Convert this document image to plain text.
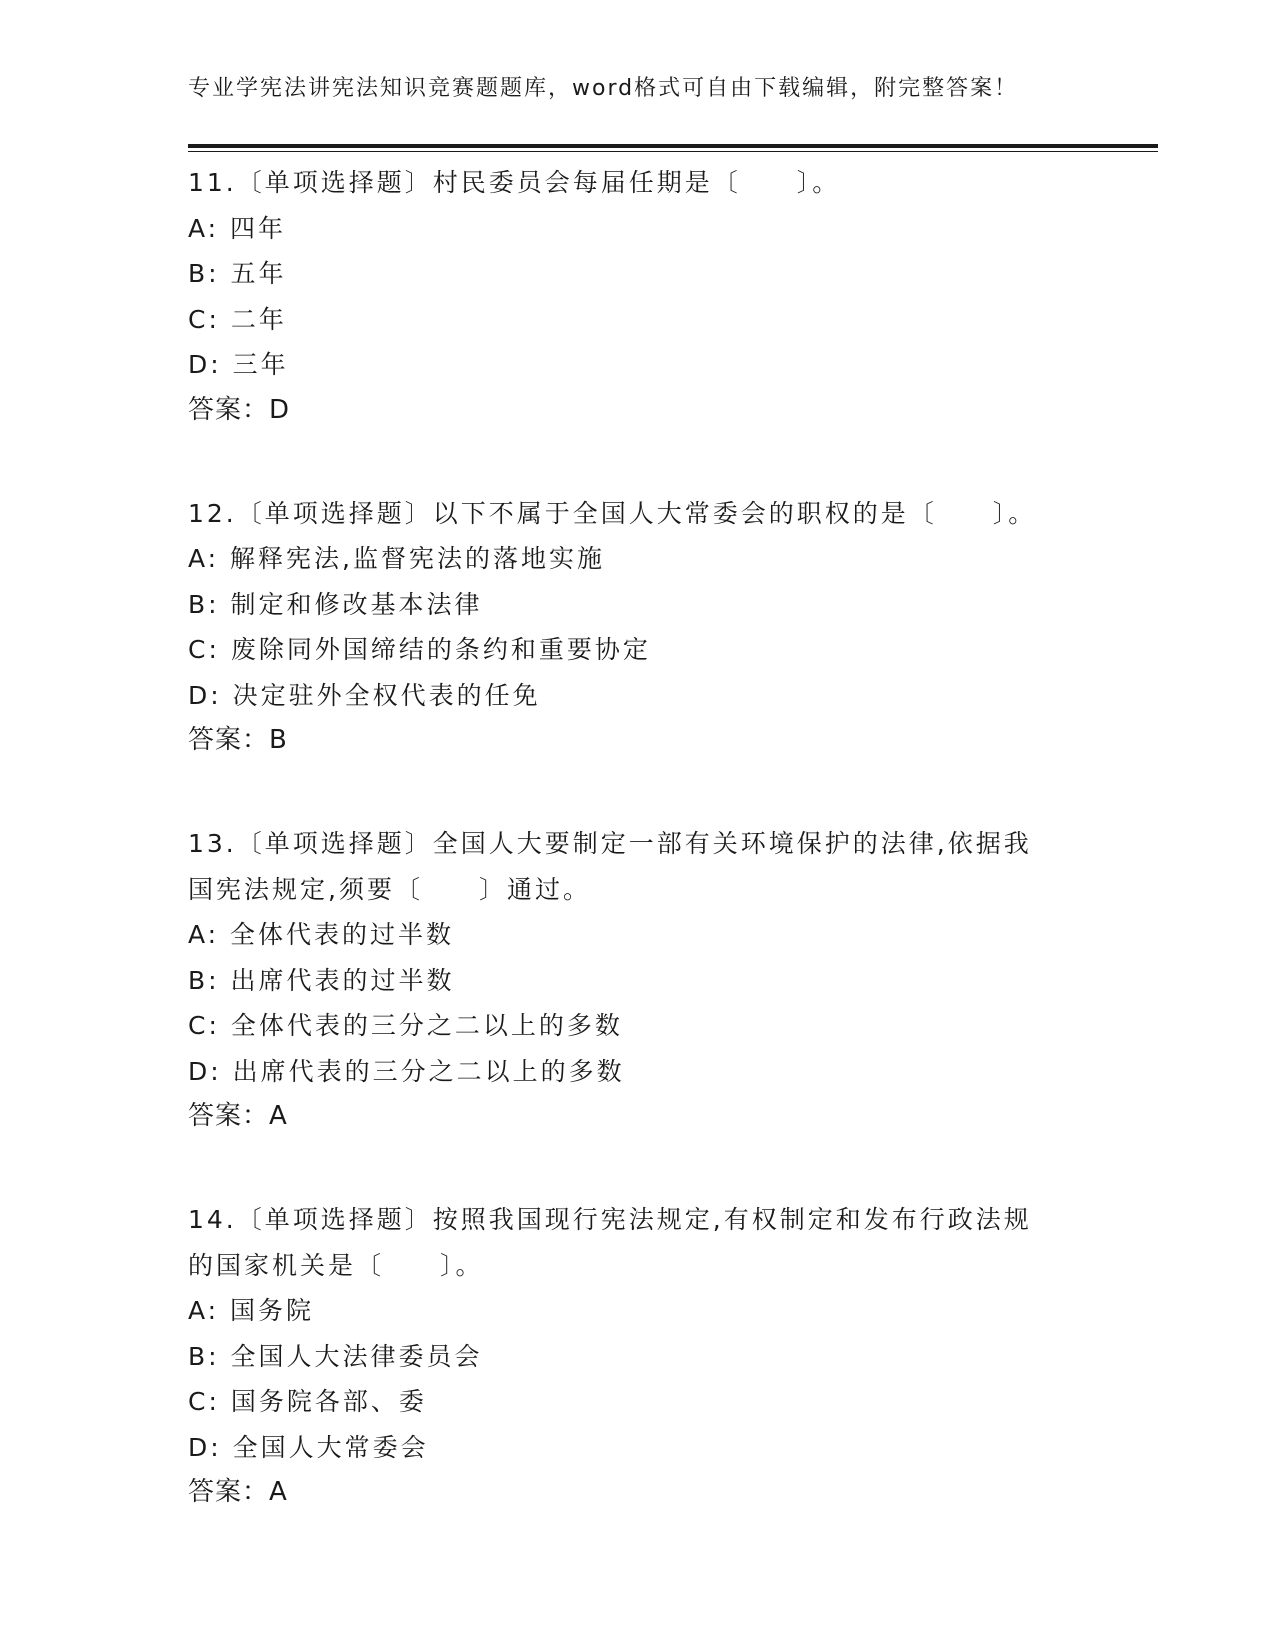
专业学宪法讲宪法知识竞赛题题库，word格式可自由下载编辑，附完整答案！
11.〔单项选择题〕村民委员会每届任期是〔　　〕。
A: 四年
B: 五年
C: 二年
D: 三年
答案：D
12.〔单项选择题〕以下不属于全国人大常委会的职权的是〔　　〕。
A: 解释宪法,监督宪法的落地实施
B: 制定和修改基本法律
C: 废除同外国缔结的条约和重要协定
D: 决定驻外全权代表的任免
答案：B
13.〔单项选择题〕全国人大要制定一部有关环境保护的法律,依据我
国宪法规定,须要〔　　〕通过。
A: 全体代表的过半数
B: 出席代表的过半数
C: 全体代表的三分之二以上的多数
D: 出席代表的三分之二以上的多数
答案：A
14.〔单项选择题〕按照我国现行宪法规定,有权制定和发布行政法规
的国家机关是〔　　〕。
A: 国务院
B: 全国人大法律委员会
C: 国务院各部、委
D: 全国人大常委会
答案：A
